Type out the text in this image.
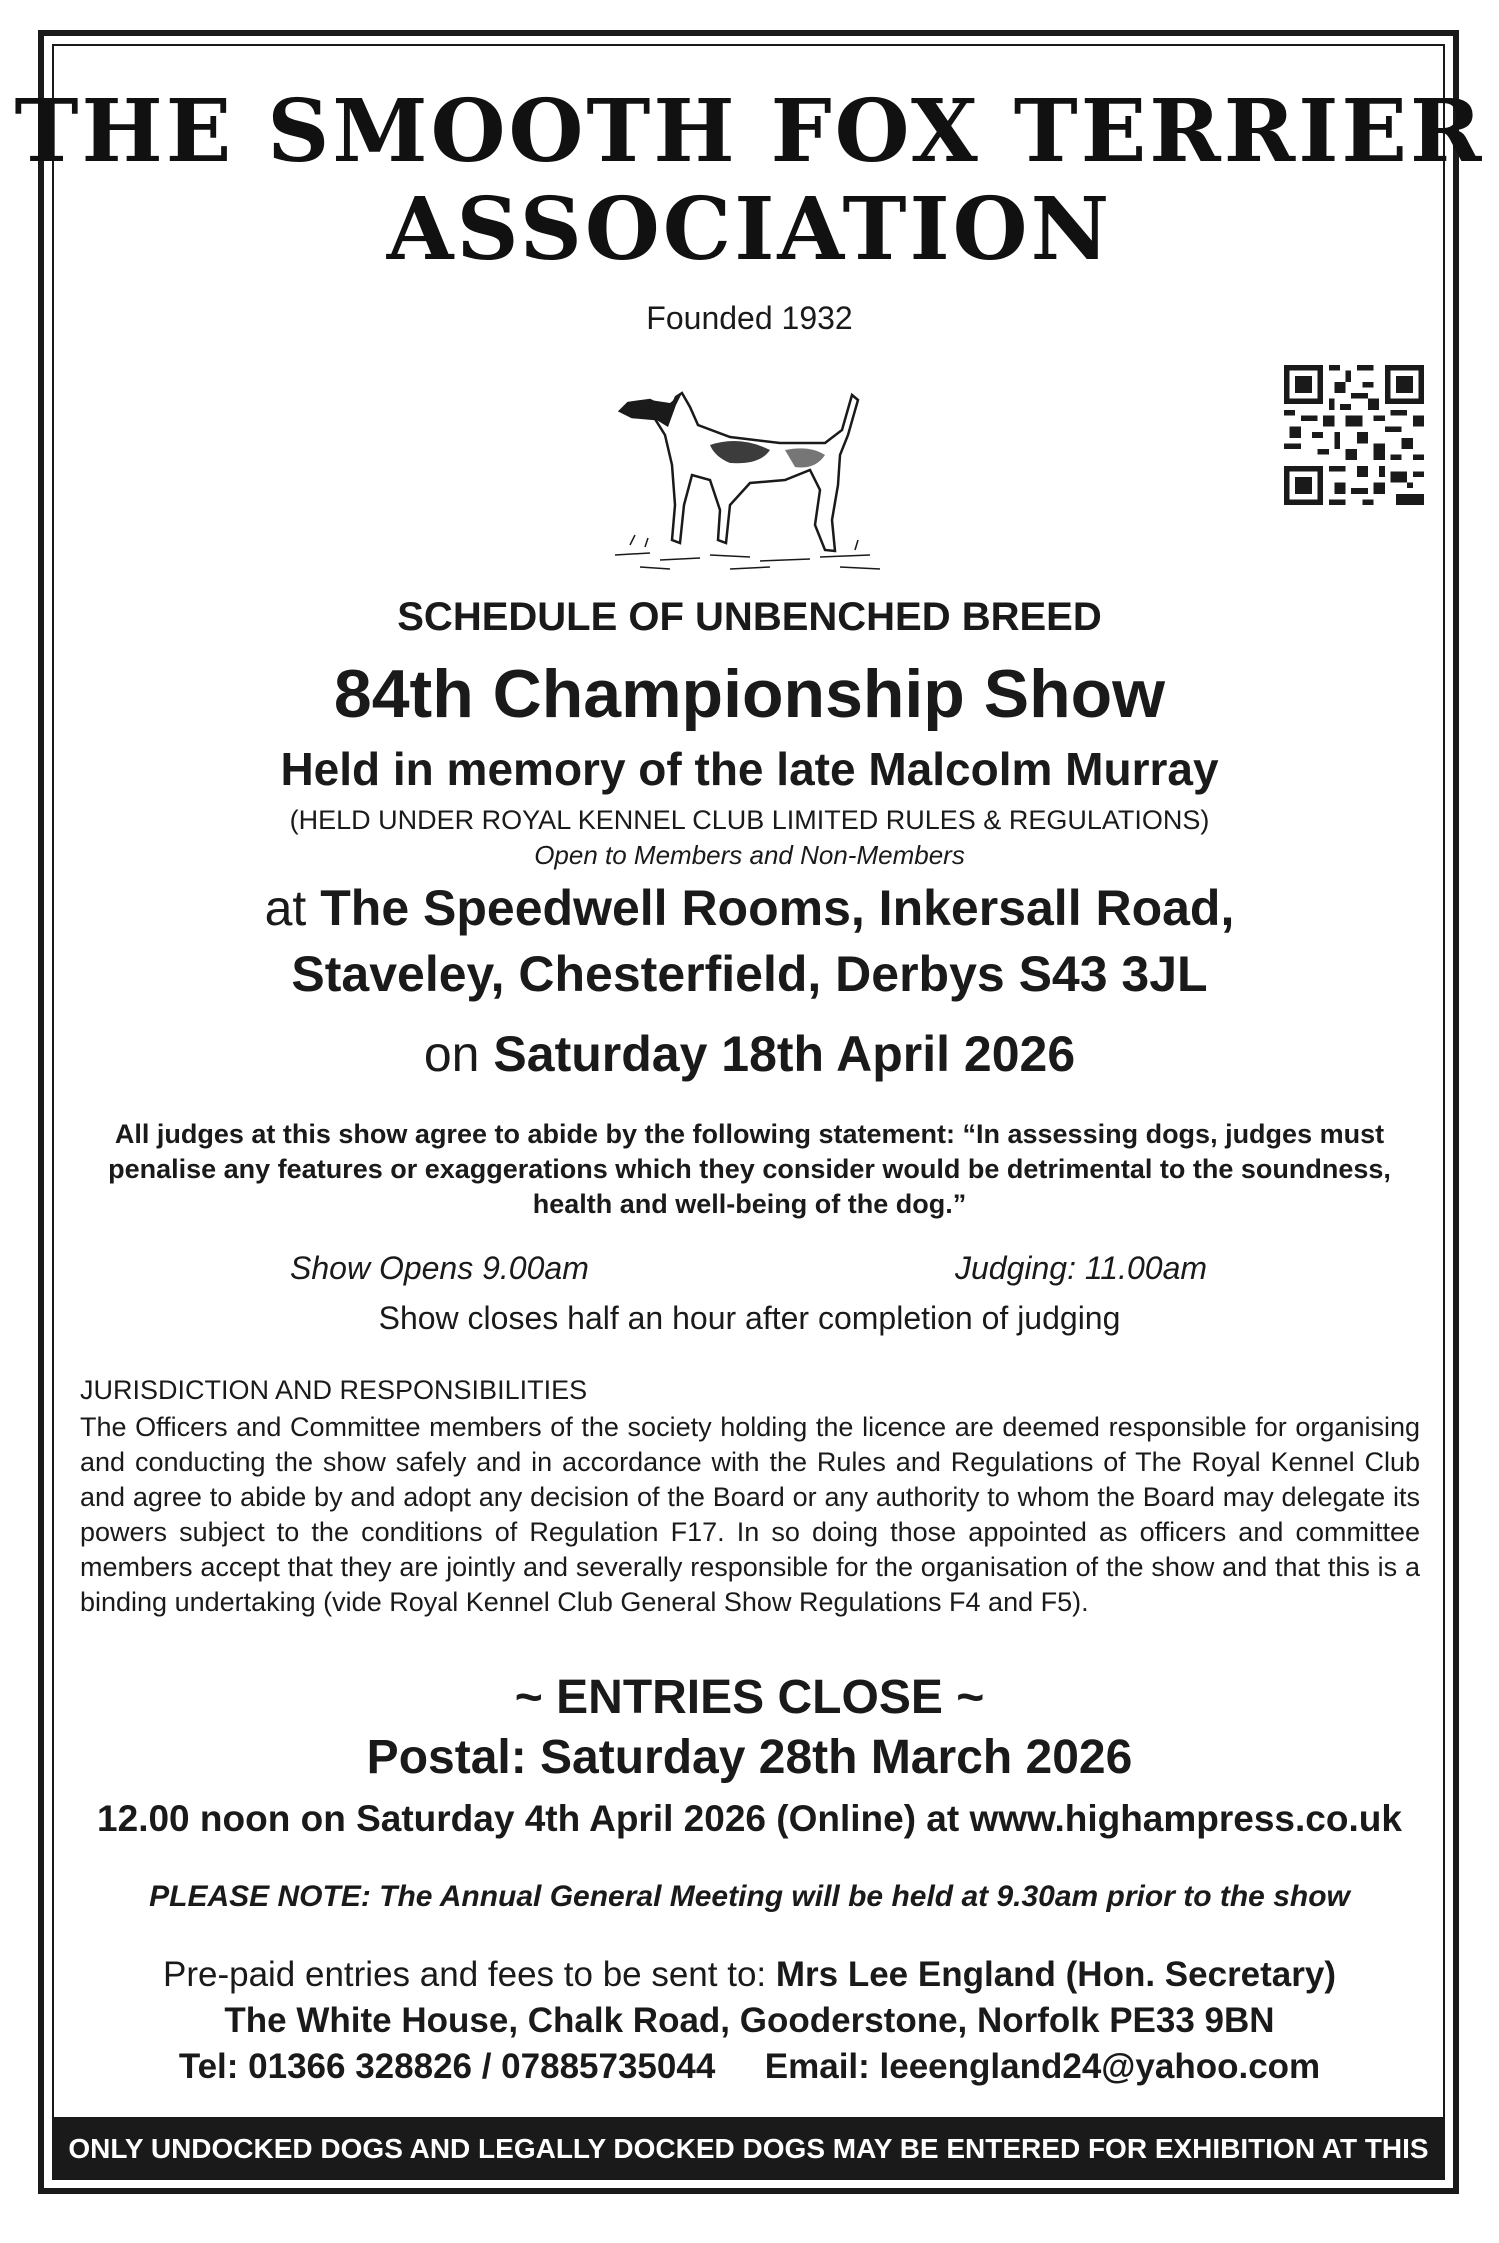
THE SMOOTH FOX TERRIER
ASSOCIATION
Founded 1932
SCHEDULE OF UNBENCHED BREED
84th Championship Show
Held in memory of the late Malcolm Murray
(HELD UNDER ROYAL KENNEL CLUB LIMITED RULES & REGULATIONS)
Open to Members and Non-Members
at The Speedwell Rooms, Inkersall Road,
Staveley, Chesterfield, Derbys S43 3JL
on Saturday 18th April 2026
All judges at this show agree to abide by the following statement: “In assessing dogs, judges must penalise any features or exaggerations which they consider would be detrimental to the soundness, health and well-being of the dog.”
Show Opens 9.00am	Judging: 11.00am
Show closes half an hour after completion of judging
JURISDICTION AND RESPONSIBILITIES
The Officers and Committee members of the society holding the licence are deemed responsible for organising and conducting the show safely and in accordance with the Rules and Regulations of The Royal Kennel Club and agree to abide by and adopt any decision of the Board or any authority to whom the Board may delegate its powers subject to the conditions of Regulation F17. In so doing those appointed as officers and committee members accept that they are jointly and severally responsible for the organisation of the show and that this is a binding undertaking (vide Royal Kennel Club General Show Regulations F4 and F5).
~ ENTRIES CLOSE ~
Postal: Saturday 28th March 2026
12.00 noon on Saturday 4th April 2026 (Online) at www.highampress.co.uk
PLEASE NOTE: The Annual General Meeting will be held at 9.30am prior to the show
Pre-paid entries and fees to be sent to: Mrs Lee England (Hon. Secretary)
The White House, Chalk Road, Gooderstone, Norfolk PE33 9BN
Tel: 01366 328826 / 07885735044 Email: leeengland24@yahoo.com
ONLY UNDOCKED DOGS AND LEGALLY DOCKED DOGS MAY BE ENTERED FOR EXHIBITION AT THIS SHOW
